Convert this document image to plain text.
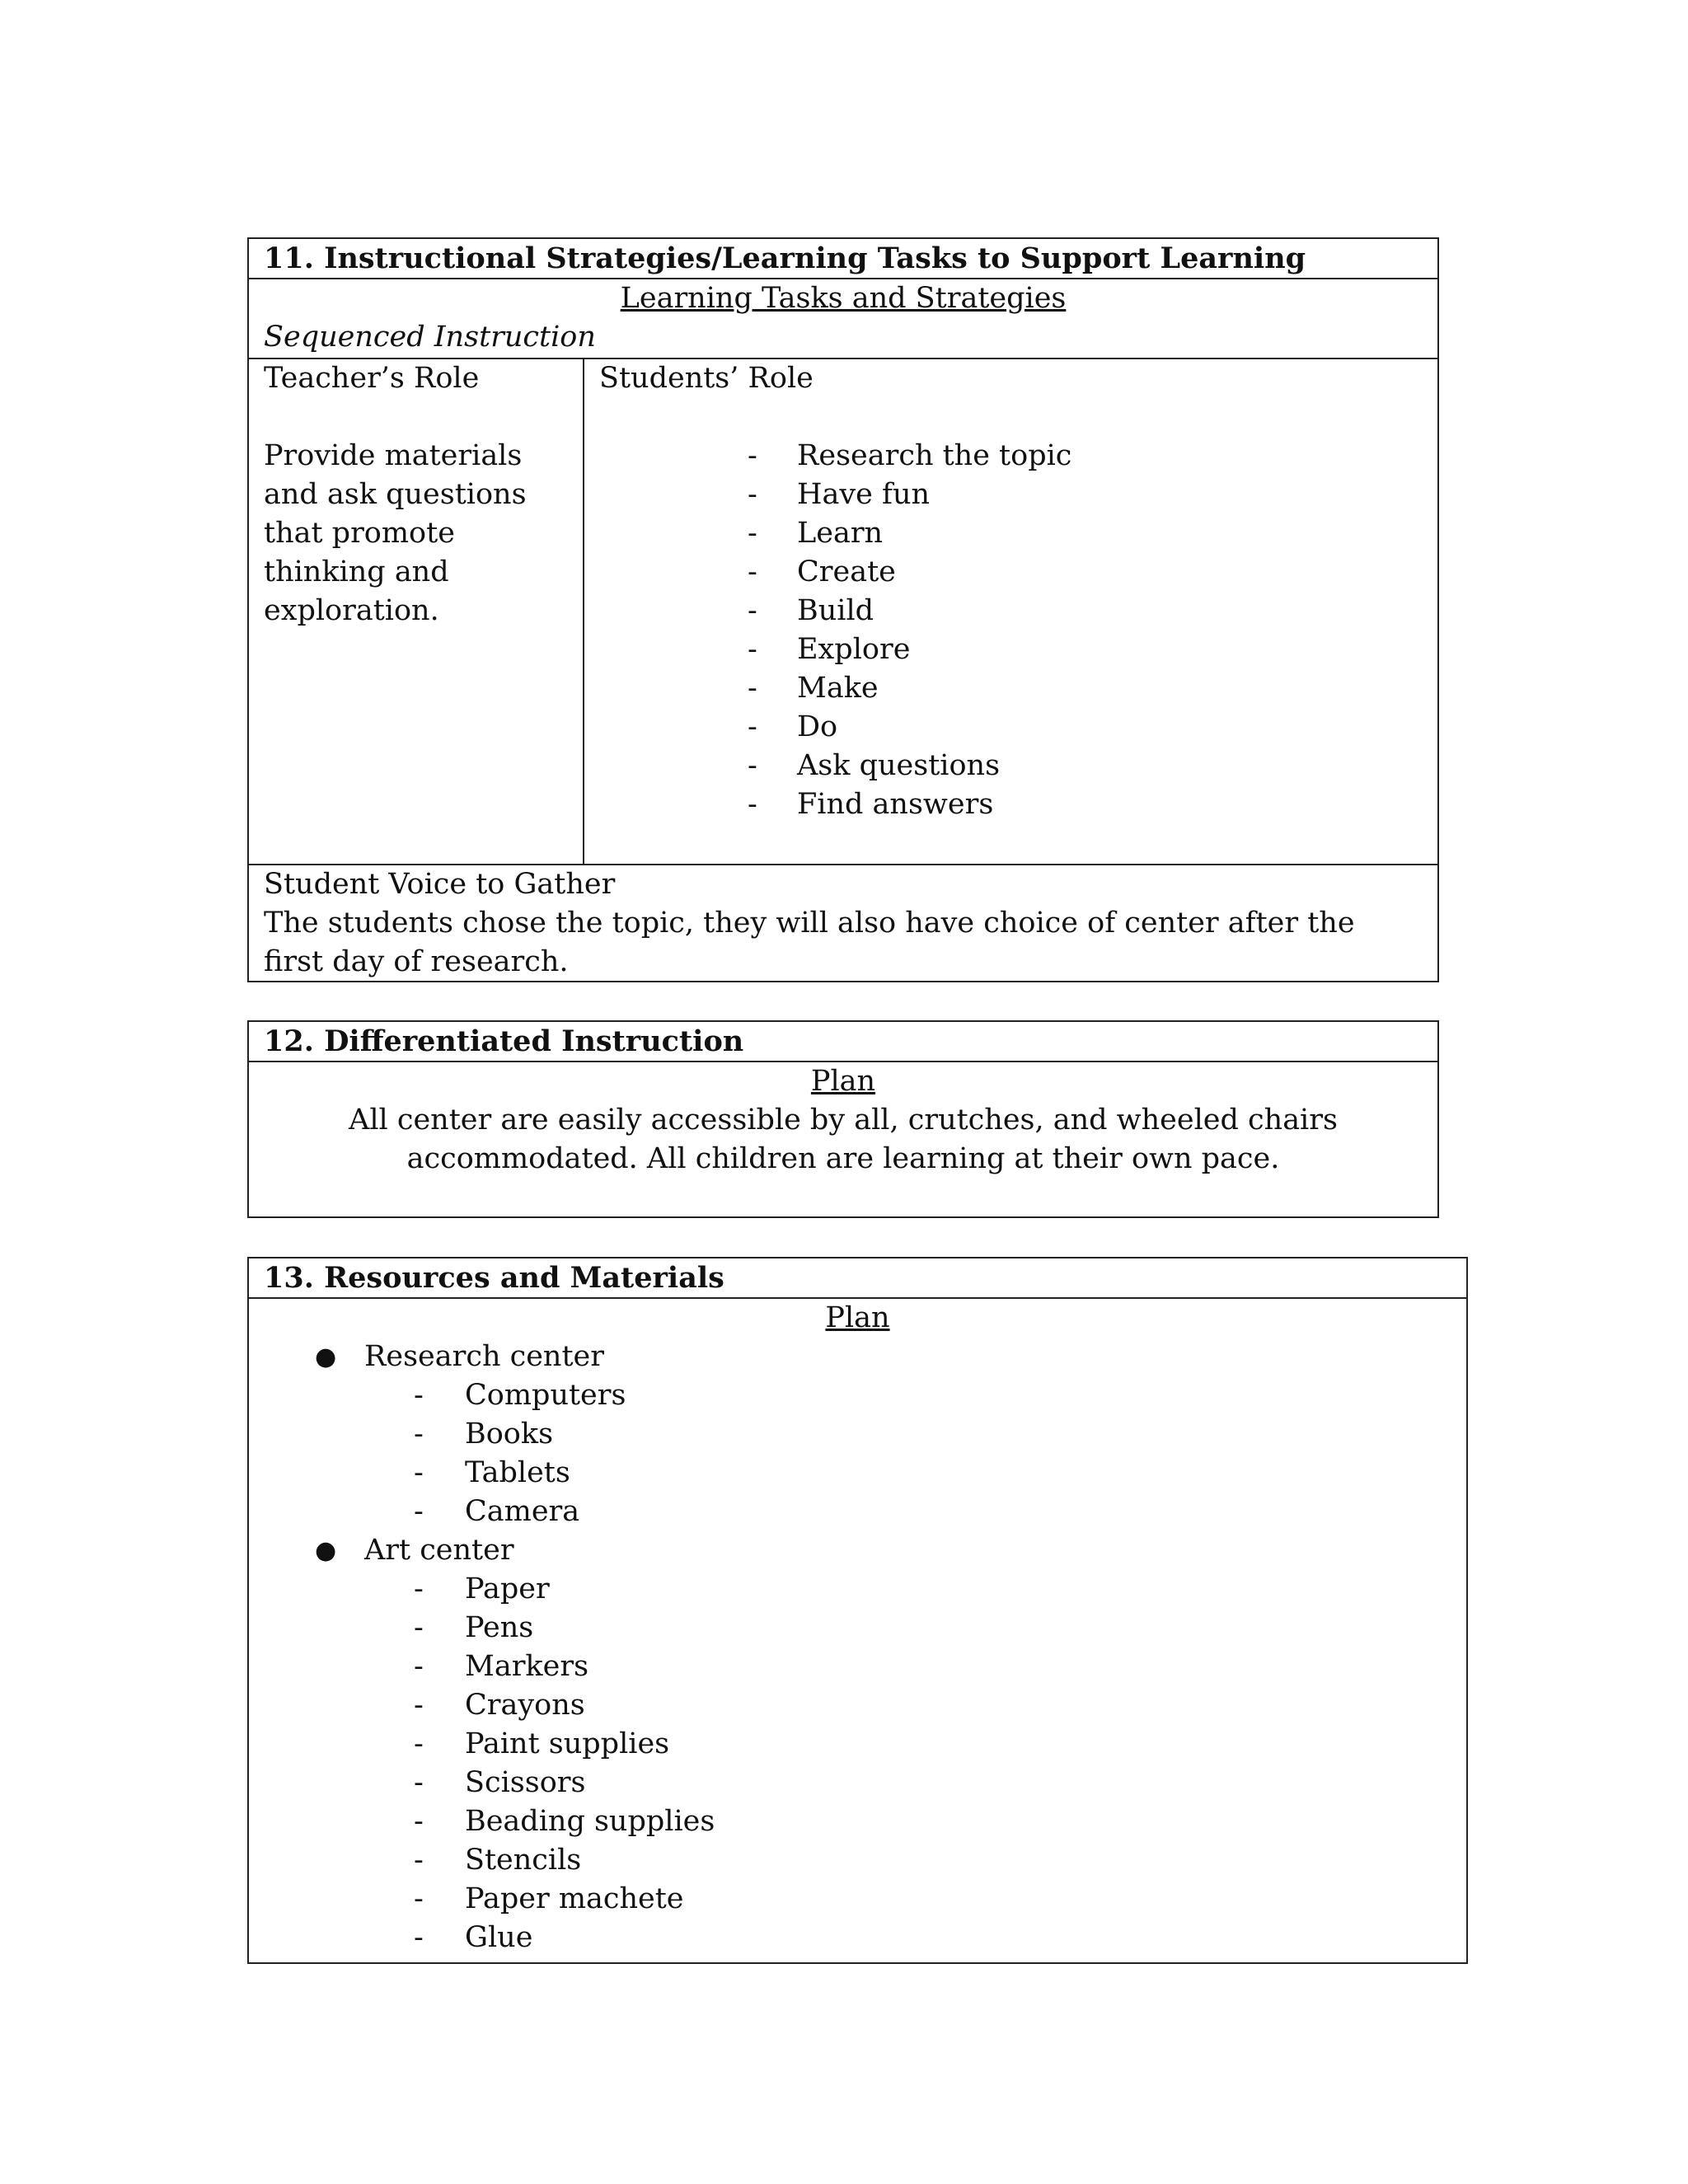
11. Instructional Strategies/Learning Tasks to Support Learning
Learning Tasks and Strategies
Sequenced Instruction
Teacher’s Role
Provide materials and ask questions that promote thinking and exploration.
Students’ Role
- Research the topic
- Have fun
- Learn
- Create
- Build
- Explore
- Make
- Do
- Ask questions
- Find answers
Student Voice to Gather
The students chose the topic, they will also have choice of center after the first day of research.
12. Differentiated Instruction
Plan
All center are easily accessible by all, crutches, and wheeled chairs
accommodated. All children are learning at their own pace.
13. Resources and Materials
Plan
● Research center
- Computers
- Books
- Tablets
- Camera
● Art center
- Paper
- Pens
- Markers
- Crayons
- Paint supplies
- Scissors
- Beading supplies
- Stencils
- Paper machete
- Glue
